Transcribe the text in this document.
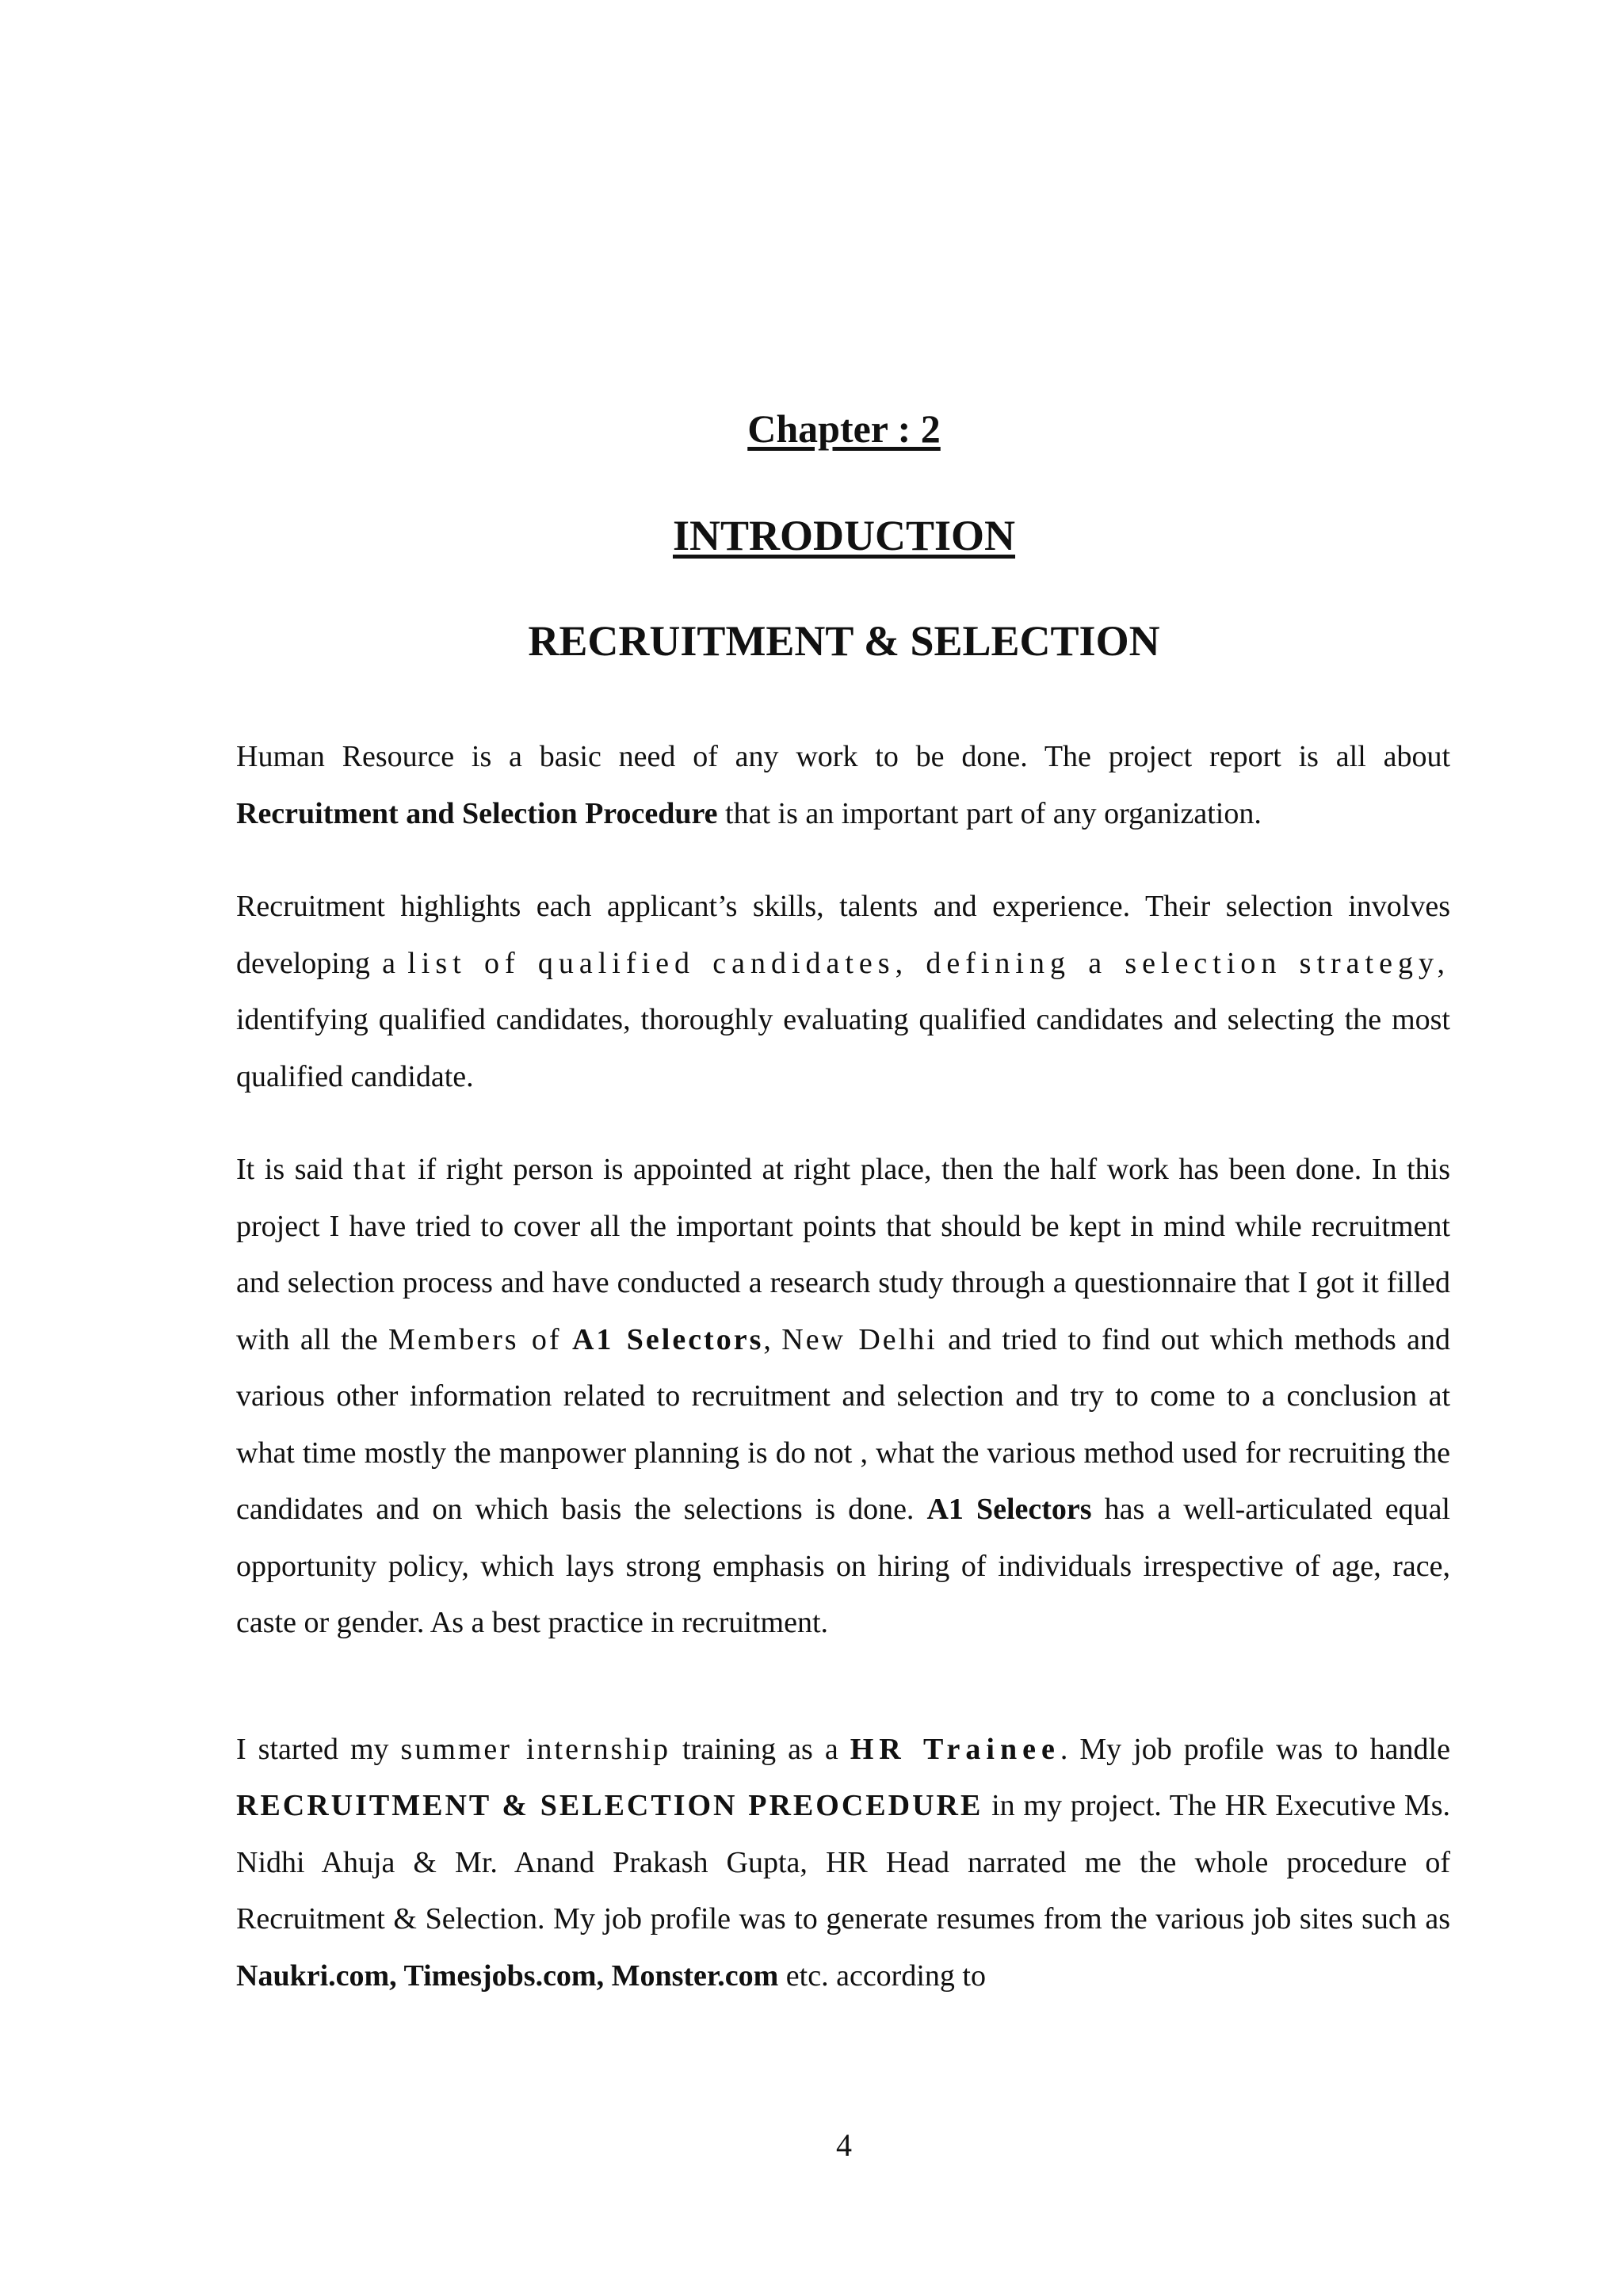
Chapter : 2
INTRODUCTION
RECRUITMENT & SELECTION

Human Resource is a basic need of any work to be done. The project report is all about Recruitment and Selection Procedure that is an important part of any organization.

Recruitment highlights each applicant’s skills, talents and experience. Their selection involves developing a list of qualified candidates, defining a selection strategy, identifying qualified candidates, thoroughly evaluating qualified candidates and selecting the most qualified candidate.

It is said that if right person is appointed at right place, then the half work has been done. In this project I have tried to cover all the important points that should be kept in mind while recruitment and selection process and have conducted a research study through a questionnaire that I got it filled with all the Members of A1 Selectors, New Delhi and tried to find out which methods and various other information related to recruitment and selection and try to come to a conclusion at what time mostly the manpower planning is do not , what the various method used for recruiting the candidates and on which basis the selections is done. A1 Selectors has a well-articulated equal opportunity policy, which lays strong emphasis on hiring of individuals irrespective of age, race, caste or gender. As a best practice in recruitment.

I started my summer internship training as a HR Trainee. My job profile was to handle RECRUITMENT & SELECTION PREOCEDURE in my project. The HR Executive Ms. Nidhi Ahuja & Mr. Anand Prakash Gupta, HR Head narrated me the whole procedure of Recruitment & Selection. My job profile was to generate resumes from the various job sites such as Naukri.com, Timesjobs.com, Monster.com etc. according to

4
